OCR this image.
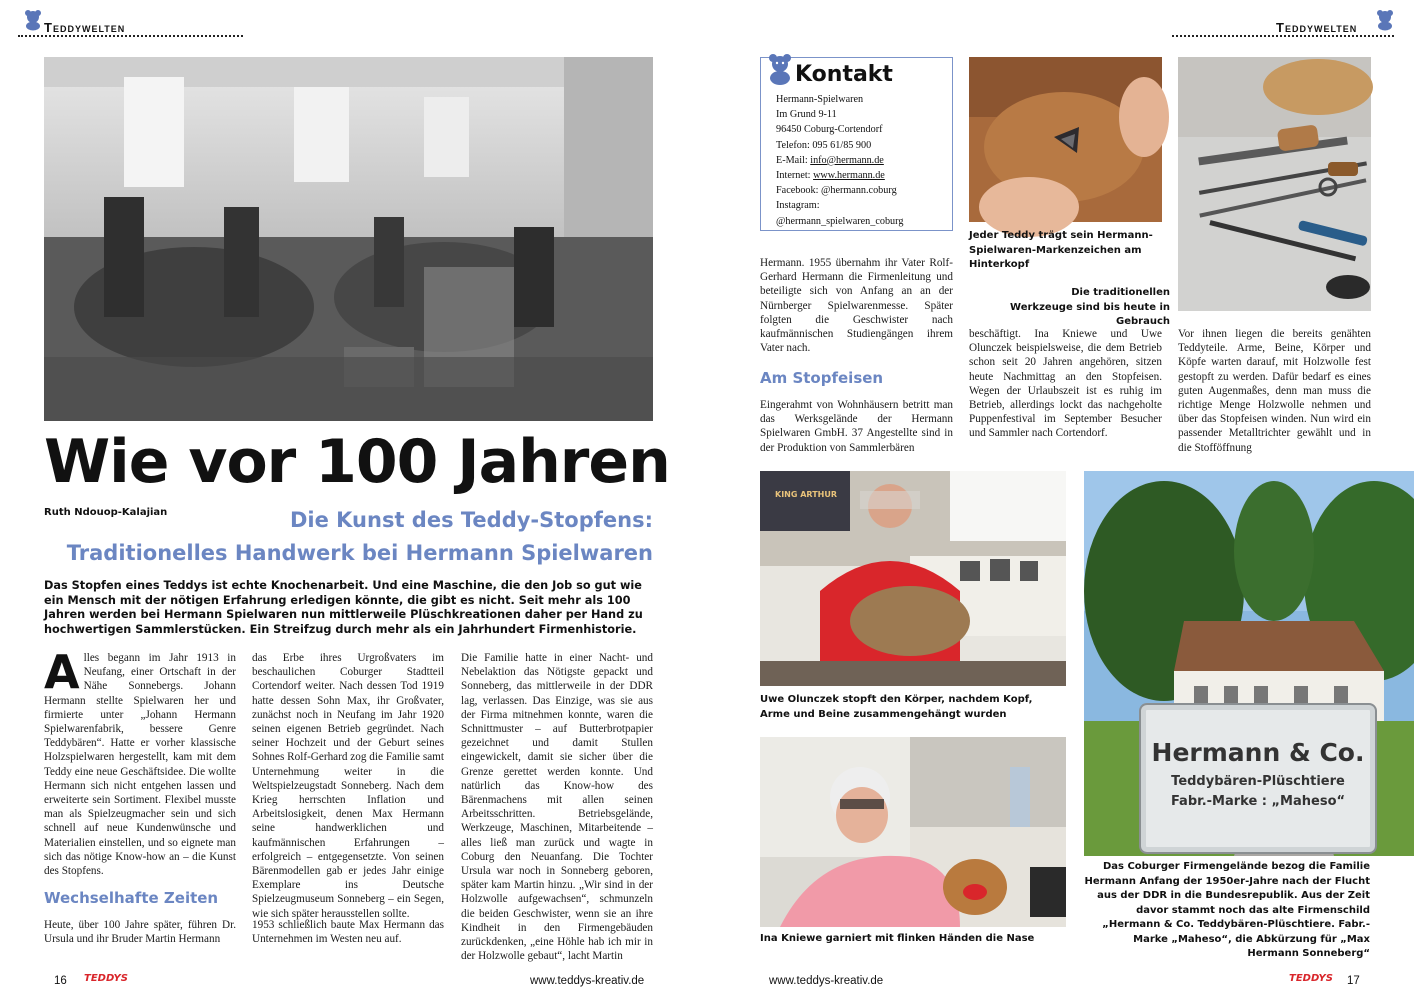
Teddywelten
Wie vor 100 Jahren
Ruth Ndouop-Kalajian	Die Kunst des Teddy-Stopfens:
Traditionelles Handwerk bei Hermann Spielwaren
Das Stopfen eines Teddys ist echte Knochenarbeit. Und eine Maschine, die den Job so gut wie ein Mensch mit der nötigen Erfahrung erledigen könnte, die gibt es nicht. Seit mehr als 100 Jahren werden bei Hermann Spielwaren nun mittlerweile Plüschkreationen daher per Hand zu hochwertigen Sammlerstücken. Ein Streifzug durch mehr als ein Jahrhundert Firmenhistorie.
Alles begann im Jahr 1913 in Neufang, einer Ortschaft in der Nähe Sonnebergs. Johann Hermann stellte Spielwaren her und firmierte unter „Johann Hermann Spielwarenfabrik, bessere Genre Teddybären“. Hatte er vorher klassische Holzspielwaren hergestellt, kam mit dem Teddy eine neue Geschäftsidee. Die wollte Hermann sich nicht entgehen lassen und erweiterte sein Sortiment. Flexibel musste man als Spielzeugmacher sein und sich schnell auf neue Kundenwünsche und Materialien einstellen, und so eignete man sich das nötige Know-how an – die Kunst des Stopfens.
Wechselhafte Zeiten
Heute, über 100 Jahre später, führen Dr. Ursula und ihr Bruder Martin Hermann
das Erbe ihres Urgroßvaters im beschaulichen Coburger Stadtteil Cortendorf weiter. Nach dessen Tod 1919 hatte dessen Sohn Max, ihr Großvater, zunächst noch in Neufang im Jahr 1920 seinen eigenen Betrieb gegründet. Nach seiner Hochzeit und der Geburt seines Sohnes Rolf-Gerhard zog die Familie samt Unternehmung weiter in die Weltspielzeugstadt Sonneberg. Nach dem Krieg herrschten Inflation und Arbeitslosigkeit, denen Max Hermann seine handwerklichen und kaufmännischen Erfahrungen – erfolgreich – entgegensetzte. Von seinen Bärenmodellen gab er jedes Jahr einige Exemplare ins Deutsche Spielzeugmuseum Sonneberg – ein Segen, wie sich später herausstellen sollte.
1953 schließlich baute Max Hermann das Unternehmen im Westen neu auf.
Die Familie hatte in einer Nacht- und Nebelaktion das Nötigste gepackt und Sonneberg, das mittlerweile in der DDR lag, verlassen. Das Einzige, was sie aus der Firma mitnehmen konnte, waren die Schnittmuster – auf Butterbrotpapier gezeichnet und damit Stullen eingewickelt, damit sie sicher über die Grenze gerettet werden konnte. Und natürlich das Know-how des Bärenmachens mit allen seinen Arbeitsschritten. Betriebsgelände, Werkzeuge, Maschinen, Mitarbeitende – alles ließ man zurück und wagte in Coburg den Neuanfang. Die Tochter Ursula war noch in Sonneberg geboren, später kam Martin hinzu. „Wir sind in der Holzwolle aufgewachsen“, schmunzeln die beiden Geschwister, wenn sie an ihre Kindheit in den Firmengebäuden zurückdenken, „eine Höhle hab ich mir in der Holzwolle gebaut“, lacht Martin
16 TEDDYS	www.teddys-kreativ.de
Teddywelten
Kontakt
Hermann-Spielwaren
Im Grund 9-11
96450 Coburg-Cortendorf
Telefon: 095 61/85 900
E-Mail: info@hermann.de
Internet: www.hermann.de
Facebook: @hermann.coburg
Instagram:
@hermann_spielwaren_coburg
Jeder Teddy trägt sein Hermann-Spielwaren-Markenzeichen am Hinterkopf
Die traditionellen Werkzeuge sind bis heute in Gebrauch
Hermann. 1955 übernahm ihr Vater Rolf-Gerhard Hermann die Firmenleitung und beteiligte sich von Anfang an an der Nürnberger Spielwarenmesse. Später folgten die Geschwister nach kaufmännischen Studiengängen ihrem Vater nach.
Am Stopfeisen
Eingerahmt von Wohnhäusern betritt man das Werksgelände der Hermann Spielwaren GmbH. 37 Angestellte sind in der Produktion von Sammlerbären
beschäftigt. Ina Kniewe und Uwe Olunczek beispielsweise, die dem Betrieb schon seit 20 Jahren angehören, sitzen heute Nachmittag an den Stopfeisen. Wegen der Urlaubszeit ist es ruhig im Betrieb, allerdings lockt das nachgeholte Puppenfestival im September Besucher und Sammler nach Cortendorf.
Vor ihnen liegen die bereits genähten Teddyteile. Arme, Beine, Körper und Köpfe warten darauf, mit Holzwolle fest gestopft zu werden. Dafür bedarf es eines guten Augenmaßes, denn man muss die richtige Menge Holzwolle nehmen und über das Stopfeisen winden. Nun wird ein passender Metalltrichter gewählt und in die Stofföffnung
Uwe Olunczek stopft den Körper, nachdem Kopf, Arme und Beine zusammengehängt wurden
KING ARTHUR
Ina Kniewe garniert mit flinken Händen die Nase
Hermann & Co.
Teddybären-Plüschtiere
Fabr.-Marke : „Maheso“
Das Coburger Firmengelände bezog die Familie Hermann Anfang der 1950er-Jahre nach der Flucht aus der DDR in die Bundesrepublik. Aus der Zeit davor stammt noch das alte Firmenschild „Hermann & Co. Teddybären-Plüschtiere. Fabr.-Marke „Maheso“, die Abkürzung für „Max Hermann Sonneberg“
www.teddys-kreativ.de	TEDDYS 17
